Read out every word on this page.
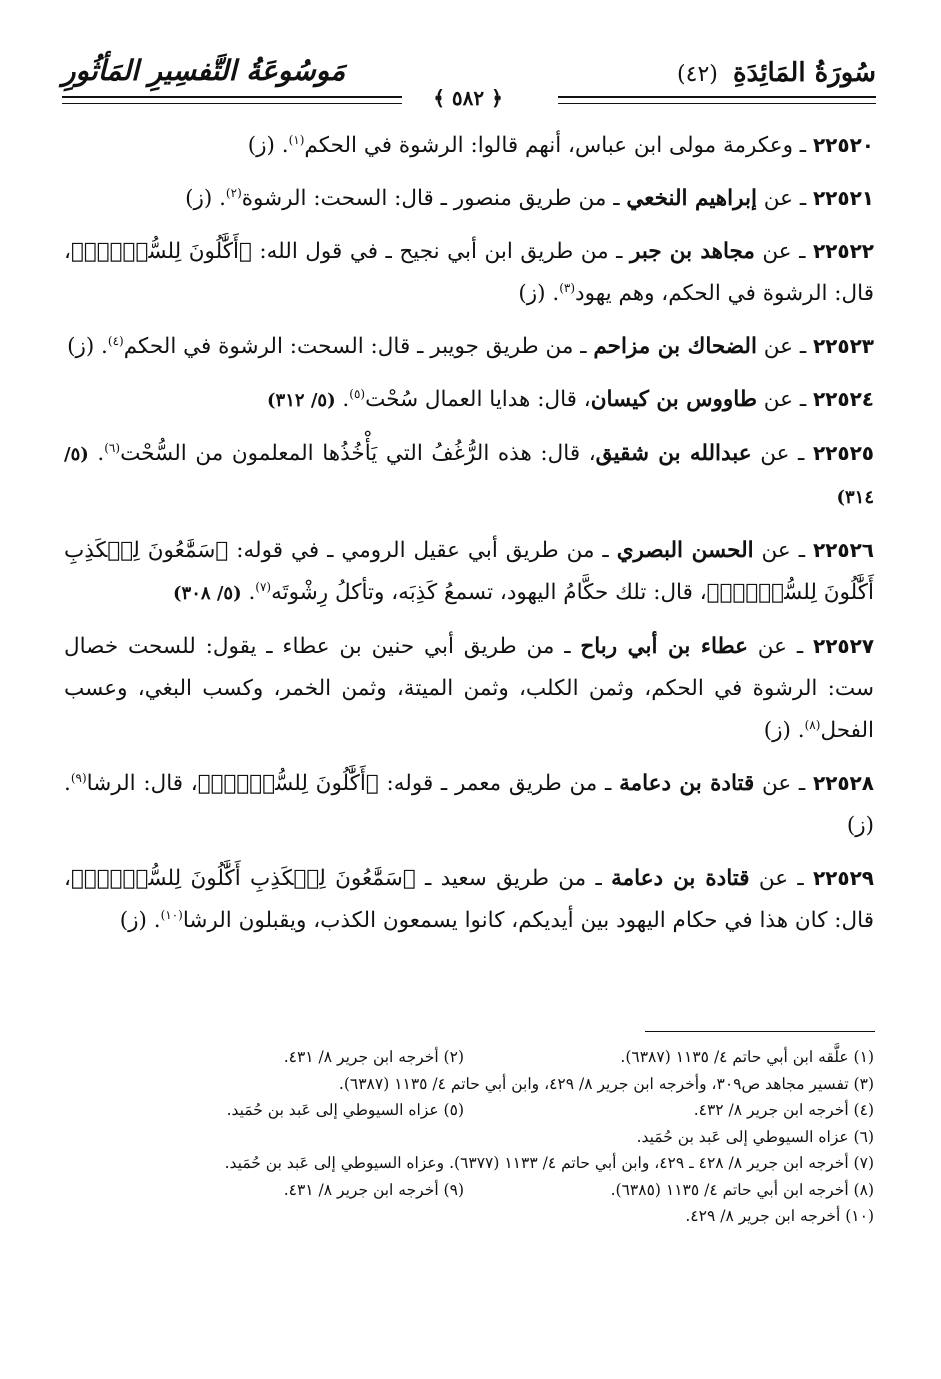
سُورَةُ المَائِدَةِ (٤٢)
﴿ ٥٨٢ ﴾
مَوسُوعَةُ التَّفسِيرِ المَأثُورِ

٢٢٥٢٠ ـ وعكرمة مولى ابن عباس، أنهم قالوا: الرشوة في الحكم$^{(١)}$. (ز)

٢٢٥٢١ ـ عن إبراهيم النخعي ـ من طريق منصور ـ قال: السحت: الرشوة$^{(٢)}$. (ز)

٢٢٥٢٢ ـ عن مجاهد بن جبر ـ من طريق ابن أبي نجيح ـ في قول الله: ﴿أَكَّٰلُونَ لِلسُّحۡتِۚ﴾، قال: الرشوة في الحكم، وهم يهود$^{(٣)}$. (ز)

٢٢٥٢٣ ـ عن الضحاك بن مزاحم ـ من طريق جويبر ـ قال: السحت: الرشوة في الحكم$^{(٤)}$. (ز)

٢٢٥٢٤ ـ عن طاووس بن كيسان، قال: هدايا العمال سُحْت$^{(٥)}$. (٥/ ٣١٢)

٢٢٥٢٥ ـ عن عبدالله بن شقيق، قال: هذه الرُّغُفُ التي يَأْخُذُها المعلمون من السُّحْت$^{(٦)}$. (٥/ ٣١٤)

٢٢٥٢٦ ـ عن الحسن البصري ـ من طريق أبي عقيل الرومي ـ في قوله: ﴿سَمَّٰعُونَ لِلۡكَذِبِ أَكَّٰلُونَ لِلسُّحۡتِۚ﴾، قال: تلك حكَّامُ اليهود، تسمعُ كَذِبَه، وتأكلُ رِشْوتَه$^{(٧)}$. (٥/ ٣٠٨)

٢٢٥٢٧ ـ عن عطاء بن أبي رباح ـ من طريق أبي حنين بن عطاء ـ يقول: للسحت خصال ست: الرشوة في الحكم، وثمن الكلب، وثمن الميتة، وثمن الخمر، وكسب البغي، وعسب الفحل$^{(٨)}$. (ز)

٢٢٥٢٨ ـ عن قتادة بن دعامة ـ من طريق معمر ـ قوله: ﴿أَكَّٰلُونَ لِلسُّحۡتِۚ﴾، قال: الرشا$^{(٩)}$. (ز)

٢٢٥٢٩ ـ عن قتادة بن دعامة ـ من طريق سعيد ـ ﴿سَمَّٰعُونَ لِلۡكَذِبِ أَكَّٰلُونَ لِلسُّحۡتِۚ﴾، قال: كان هذا في حكام اليهود بين أيديكم، كانوا يسمعون الكذب، ويقبلون الرشا$^{(١٠)}$. (ز)

(١) علَّقه ابن أبي حاتم ٤/ ١١٣٥ (٦٣٨٧).
(٢) أخرجه ابن جرير ٨/ ٤٣١.
(٣) تفسير مجاهد ص٣٠٩، وأخرجه ابن جرير ٨/ ٤٢٩، وابن أبي حاتم ٤/ ١١٣٥ (٦٣٨٧).
(٤) أخرجه ابن جرير ٨/ ٤٣٢.
(٥) عزاه السيوطي إلى عَبد بن حُمَيد.
(٦) عزاه السيوطي إلى عَبد بن حُمَيد.
(٧) أخرجه ابن جرير ٨/ ٤٢٨ ـ ٤٢٩، وابن أبي حاتم ٤/ ١١٣٣ (٦٣٧٧). وعزاه السيوطي إلى عَبد بن حُمَيد.
(٨) أخرجه ابن أبي حاتم ٤/ ١١٣٥ (٦٣٨٥).
(٩) أخرجه ابن جرير ٨/ ٤٣١.
(١٠) أخرجه ابن جرير ٨/ ٤٢٩.
